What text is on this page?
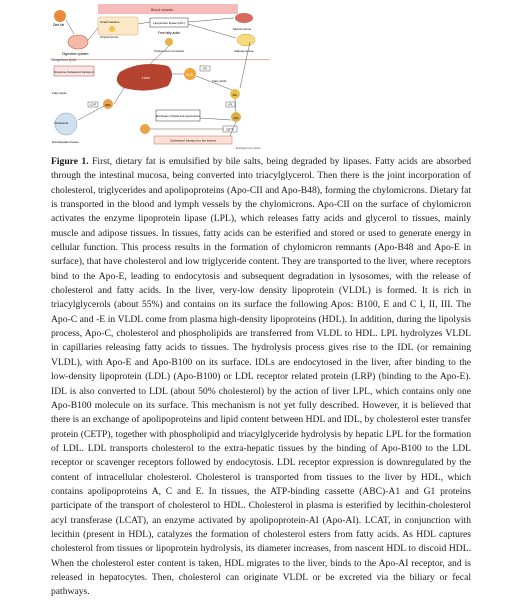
Blood vessels
Diet fat
Digestive system
Exogenous lipids
Small intestine
Chylomicrons
Lipoprotein lipase (LPL)
Free fatty acids
Chylomicron remnants
Muscle tissue
Adipose tissue
Reverse cholesterol transport
Liver
VLDL
LPL
Fatty acids
IDL
LPL
LDL
Fatty acids
LCAT	HDL
Cholesterol
Extrahepatic tissues
Exchange of lipids and apoproteins
CETP
Cholesterol transport to the tissues
Endogenous lipids

Figure 1. First, dietary fat is emulsified by bile salts, being degraded by lipases. Fatty acids are absorbed through the intestinal mucosa, being converted into triacylglycerol. Then there is the joint incorporation of cholesterol, triglycerides and apolipoproteins (Apo-CII and Apo-B48), forming the chylomicrons. Dietary fat is transported in the blood and lymph vessels by the chylomicrons. Apo-CII on the surface of chylomicron activates the enzyme lipoprotein lipase (LPL), which releases fatty acids and glycerol to tissues, mainly muscle and adipose tissues. In tissues, fatty acids can be esterified and stored or used to generate energy in cellular function. This process results in the formation of chylomicron remnants (Apo-B48 and Apo-E in surface), that have cholesterol and low triglyceride content. They are transported to the liver, where receptors bind to the Apo-E, leading to endocytosis and subsequent degradation in lysosomes, with the release of cholesterol and fatty acids. In the liver, very-low density lipoprotein (VLDL) is formed. It is rich in triacylglycerols (about 55%) and contains on its surface the following Apos: B100, E and C I, II, III. The Apo-C and -E in VLDL come from plasma high-density lipoproteins (HDL). In addition, during the lipolysis process, Apo-C, cholesterol and phospholipids are transferred from VLDL to HDL. LPL hydrolyzes VLDL in capillaries releasing fatty acids to tissues. The hydrolysis process gives rise to the IDL (or remaining VLDL), with Apo-E and Apo-B100 on its surface. IDLs are endocytosed in the liver, after binding to the low-density lipoprotein (LDL) (Apo-B100) or LDL receptor related protein (LRP) (binding to the Apo-E). IDL is also converted to LDL (about 50% cholesterol) by the action of liver LPL, which contains only one Apo-B100 molecule on its surface. This mechanism is not yet fully described. However, it is believed that there is an exchange of apolipoproteins and lipid content between HDL and IDL, by cholesterol ester transfer protein (CETP), together with phospholipid and triacylglyceride hydrolysis by hepatic LPL for the formation of LDL. LDL transports cholesterol to the extra-hepatic tissues by the binding of Apo-B100 to the LDL receptor or scavenger receptors followed by endocytosis. LDL receptor expression is downregulated by the content of intracellular cholesterol. Cholesterol is transported from tissues to the liver by HDL, which contains apolipoproteins A, C and E. In tissues, the ATP-binding cassette (ABC)-A1 and G1 proteins participate of the transport of cholesterol to HDL. Cholesterol in plasma is esterified by lecithin-cholesterol acyl transferase (LCAT), an enzyme activated by apolipoprotein-AI (Apo-AI). LCAT, in conjunction with lecithin (present in HDL), catalyzes the formation of cholesterol esters from fatty acids. As HDL captures cholesterol from tissues or lipoprotein hydrolysis, its diameter increases, from nascent HDL to discoid HDL. When the cholesterol ester content is taken, HDL migrates to the liver, binds to the Apo-AI receptor, and is released in hepatocytes. Then, cholesterol can originate VLDL or be excreted via the biliary or fecal pathways.
